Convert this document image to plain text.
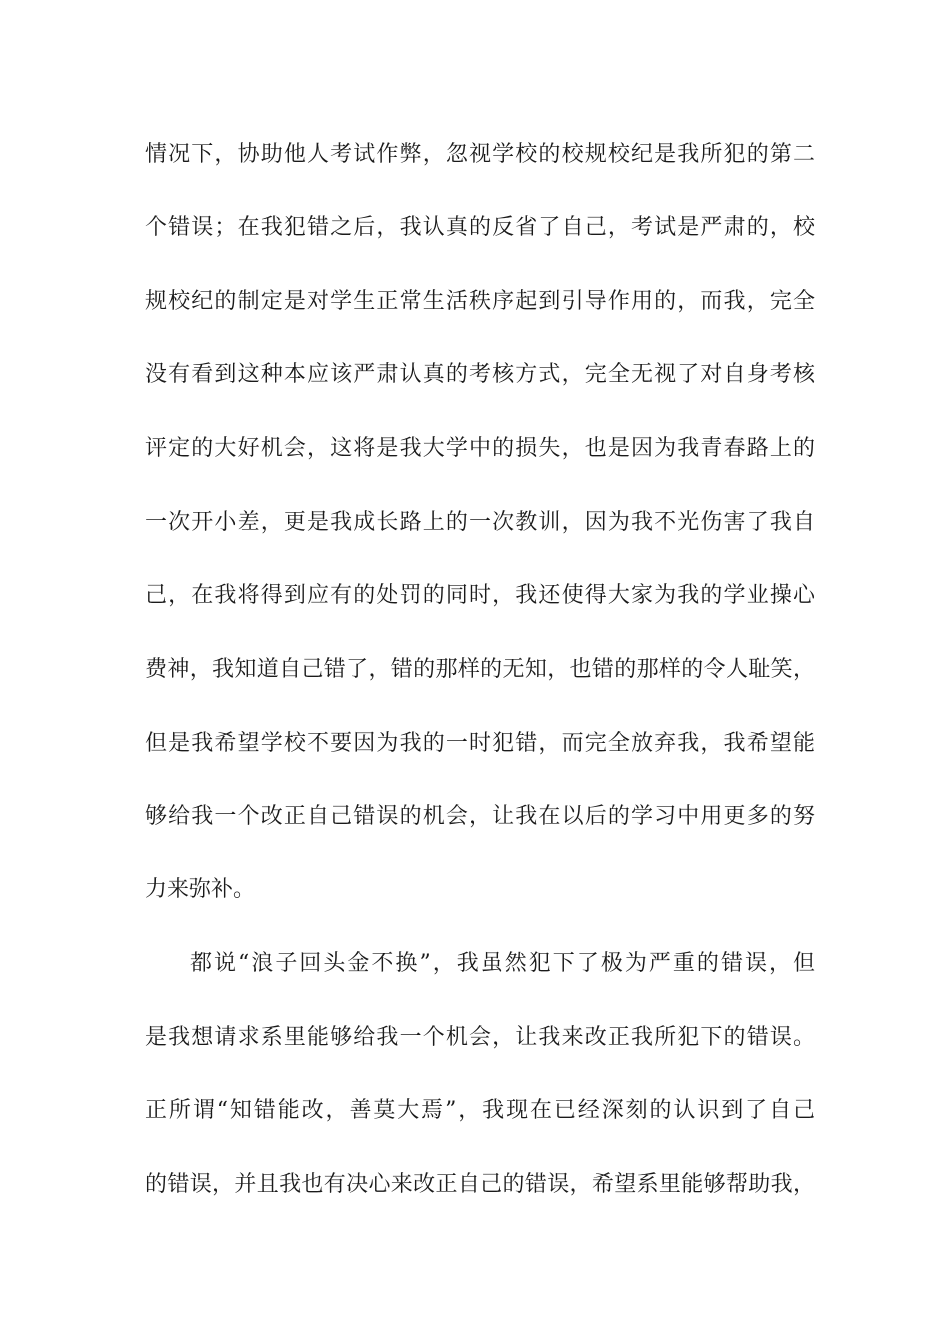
情况下，协助他人考试作弊，忽视学校的校规校纪是我所犯的第二
个错误；在我犯错之后，我认真的反省了自己，考试是严肃的，校
规校纪的制定是对学生正常生活秩序起到引导作用的，而我，完全
没有看到这种本应该严肃认真的考核方式，完全无视了对自身考核
评定的大好机会，这将是我大学中的损失，也是因为我青春路上的
一次开小差，更是我成长路上的一次教训，因为我不光伤害了我自
己，在我将得到应有的处罚的同时，我还使得大家为我的学业操心
费神，我知道自己错了，错的那样的无知，也错的那样的令人耻笑，
但是我希望学校不要因为我的一时犯错，而完全放弃我，我希望能
够给我一个改正自己错误的机会，让我在以后的学习中用更多的努
力来弥补。
都说“浪子回头金不换”，我虽然犯下了极为严重的错误，但
是我想请求系里能够给我一个机会，让我来改正我所犯下的错误。
正所谓“知错能改，善莫大焉”，我现在已经深刻的认识到了自己
的错误，并且我也有决心来改正自己的错误，希望系里能够帮助我，
